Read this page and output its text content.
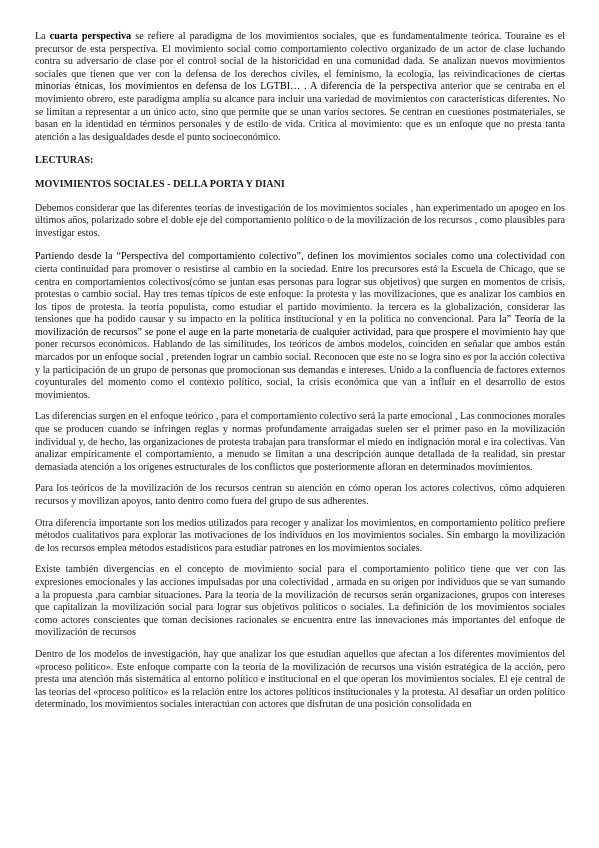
La cuarta perspectiva se refiere al paradigma de los movimientos sociales, que es fundamentalmente teórica. Touraine es el precursor de esta perspectiva. El movimiento social como comportamiento colectivo organizado de un actor de clase luchando contra su adversario de clase por el control social de la historicidad en una comunidad dada. Se analizan nuevos movimientos sociales que tienen que ver con la defensa de los derechos civiles, el feminismo, la ecología, las reivindicaciones de ciertas minorías étnicas, los movimientos en defensa de los LGTBI… . A diferencia de la perspectiva anterior que se centraba en el movimiento obrero, este paradigma amplía su alcance para incluir una variedad de movimientos con características diferentes. No se limitan a representar a un único acto, sino que permite que se unan varios sectores. Se centran en cuestiones postmateriales, se basan en la identidad en términos personales y de estilo de vida. Crítica al movimiento: que es un enfoque que no presta tanta atención a las desigualdades desde el punto socioeconómico.

LECTURAS:

MOVIMIENTOS SOCIALES - DELLA PORTA Y DIANI

Debemos considerar que las diferentes teorías de investigación de los movimientos sociales , han experimentado un apogeo en los últimos años, polarizado sobre el doble eje del comportamiento político o de la movilización de los recursos , como plausibles para investigar estos.

Partiendo desde la “Perspectiva del comportamiento colectivo”, definen los movimientos sociales como una colectividad con cierta continuidad para promover o resistirse al cambio en la sociedad. Entre los precursores está la Escuela de Chicago, que se centra en comportamientos colectivos(cómo se juntan esas personas para lograr sus objetivos) que surgen en momentos de crisis, protestas o cambio social. Hay tres temas típicos de este enfoque: la protesta y las movilizaciones, que es analizar los cambios en los tipos de protesta. la teoría populista, como estudiar el partido movimiento. la tercera es la globalización, considerar las tensiones que ha podido causar y su impacto en la política institucional y en la política no convencional. Para la” Teoría de la movilización de recursos” se pone el auge en la parte monetaria de cualquier actividad, para que prospere el movimiento hay que poner recursos económicos. Hablando de las similitudes, los teóricos de ambos modelos, coinciden en señalar que ambos están marcados por un enfoque social , pretenden lograr un cambio social. Reconocen que este no se logra sino es por la acción colectiva y la participación de un grupo de personas que promocionan sus demandas e intereses. Unido a la confluencia de factores externos coyunturales del momento como el contexto político, social, la crisis económica que van a influir en el desarrollo de estos movimientos.

Las diferencias surgen en el enfoque teórico , para el comportamiento colectivo será la parte emocional , Las conmociones morales que se producen cuando se infringen reglas y normas profundamente arraigadas suelen ser el primer paso en la movilización individual y, de hecho, las organizaciones de protesta trabajan para transformar el miedo en indignación moral e ira colectivas. Van analizar empíricamente el comportamiento, a menudo se limitan a una descripción aunque detallada de la realidad, sin prestar demasiada atención a los orígenes estructurales de los conflictos que posteriormente afloran en determinados movimientos.

Para los teóricos de la movilización de los recursos centran su atención en cómo operan los actores colectivos, cómo adquieren recursos y movilizan apoyos, tanto dentro como fuera del grupo de sus adherentes.

Otra diferencia importante son los medios utilizados para recoger y analizar los movimientos, en comportamiento político prefiere métodos cualitativos para explorar las motivaciones de los individuos en los movimientos sociales. Sin embargo la movilización de los recursos emplea métodos estadísticos para estudiar patrones en los movimientos sociales.

Existe también divergencias en el concepto de movimiento social para el comportamiento político tiene que ver con las expresiones emocionales y las acciones impulsadas por una colectividad , armada en su origen por individuos que se van sumando a la propuesta ,para cambiar situaciones. Para la teoría de la movilización de recursos serán organizaciones, grupos con intereses que capitalizan la movilización social para lograr sus objetivos políticos o sociales. La definición de los movimientos sociales como actores conscientes que toman decisiones racionales se encuentra entre las innovaciones más importantes del enfoque de movilización de recursos

Dentro de los modelos de investigación, hay que analizar los que estudian aquellos que afectan a los diferentes movimientos del «proceso político». Este enfoque comparte con la teoría de la movilización de recursos una visión estratégica de la acción, pero presta una atención más sistemática al entorno político e institucional en el que operan los movimientos sociales. El eje central de las teorías del «proceso político» es la relación entre los actores políticos institucionales y la protesta. Al desafiar un orden político determinado, los movimientos sociales interactúan con actores que disfrutan de una posición consolidada en
